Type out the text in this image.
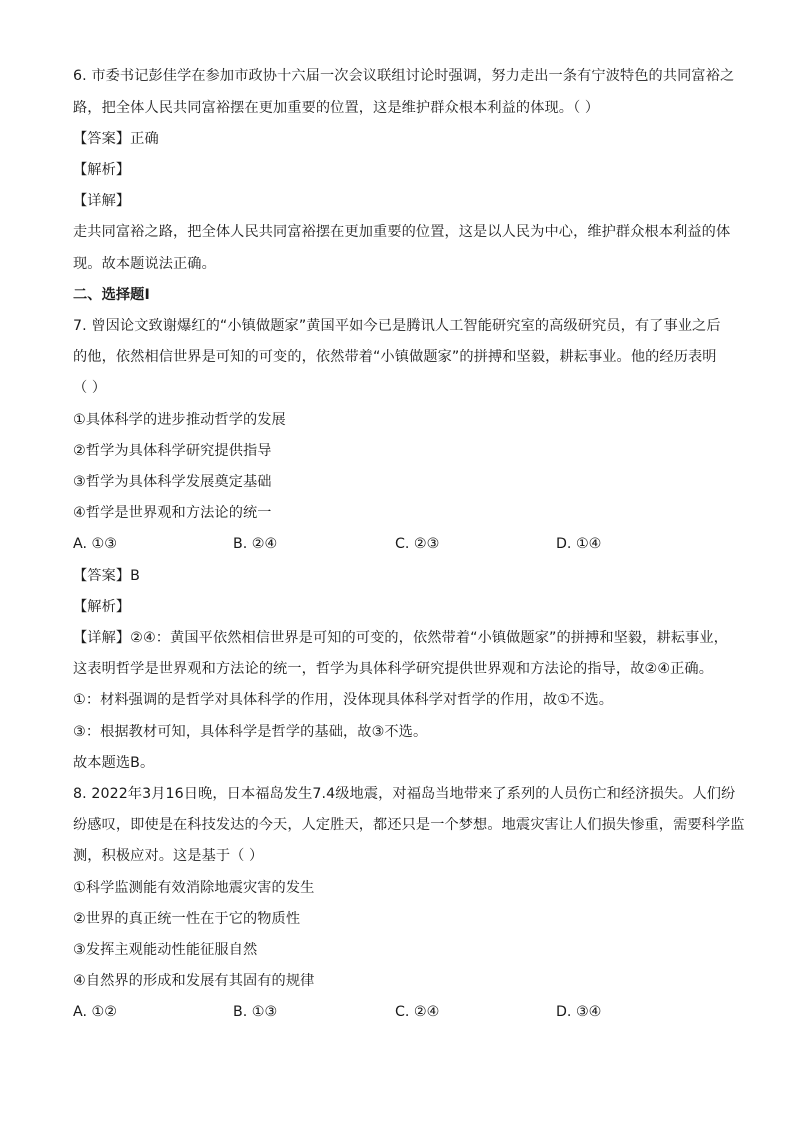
6. 市委书记彭佳学在参加市政协十六届一次会议联组讨论时强调，努力走出一条有宁波特色的共同富裕之
路，把全体人民共同富裕摆在更加重要的位置，这是维护群众根本利益的体现。（ ）
【答案】正确
【解析】
【详解】
走共同富裕之路，把全体人民共同富裕摆在更加重要的位置，这是以人民为中心，维护群众根本利益的体
现。故本题说法正确。
二、选择题Ⅰ
7. 曾因论文致谢爆红的“小镇做题家”黄国平如今已是腾讯人工智能研究室的高级研究员，有了事业之后
的他，依然相信世界是可知的可变的，依然带着“小镇做题家”的拼搏和坚毅，耕耘事业。他的经历表明
（ ）
①具体科学的进步推动哲学的发展
②哲学为具体科学研究提供指导
③哲学为具体科学发展奠定基础
④哲学是世界观和方法论的统一
A. ①③	B. ②④	C. ②③	D. ①④
【答案】B
【解析】
【详解】②④：黄国平依然相信世界是可知的可变的，依然带着“小镇做题家”的拼搏和坚毅，耕耘事业，
这表明哲学是世界观和方法论的统一，哲学为具体科学研究提供世界观和方法论的指导，故②④正确。
①：材料强调的是哲学对具体科学的作用，没体现具体科学对哲学的作用，故①不选。
③：根据教材可知，具体科学是哲学的基础，故③不选。
故本题选B。
8. 2022年3月16日晚，日本福岛发生7.4级地震，对福岛当地带来了系列的人员伤亡和经济损失。人们纷
纷感叹，即使是在科技发达的今天，人定胜天，都还只是一个梦想。地震灾害让人们损失惨重，需要科学监
测，积极应对。这是基于（ ）
①科学监测能有效消除地震灾害的发生
②世界的真正统一性在于它的物质性
③发挥主观能动性能征服自然
④自然界的形成和发展有其固有的规律
A. ①②	B. ①③	C. ②④	D. ③④
